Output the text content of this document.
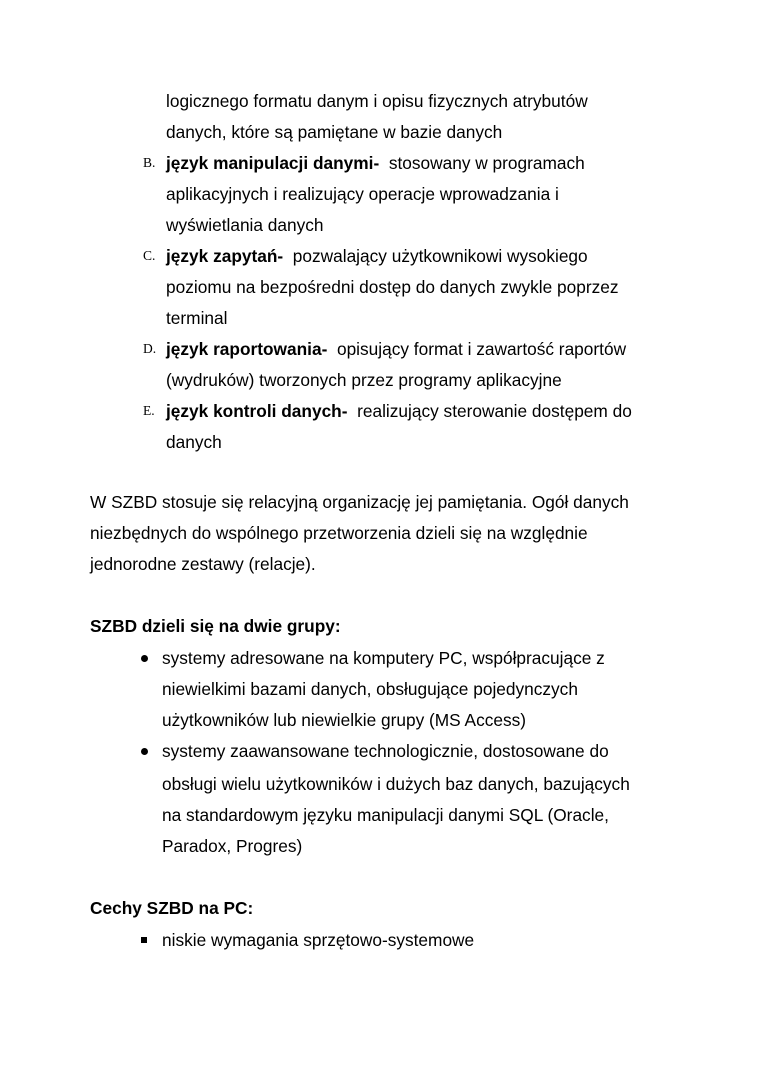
logicznego formatu danym i opisu fizycznych atrybutów
danych, które są pamiętane w bazie danych
B. język manipulacji danymi- stosowany w programach
aplikacyjnych i realizujący operacje wprowadzania i
wyświetlania danych
C. język zapytań- pozwalający użytkownikowi wysokiego
poziomu na bezpośredni dostęp do danych zwykle poprzez
terminal
D. język raportowania- opisujący format i zawartość raportów
(wydruków) tworzonych przez programy aplikacyjne
E. język kontroli danych- realizujący sterowanie dostępem do
danych
W SZBD stosuje się relacyjną organizację jej pamiętania. Ogół danych
niezbędnych do wspólnego przetworzenia dzieli się na względnie
jednorodne zestawy (relacje).
SZBD dzieli się na dwie grupy:
systemy adresowane na komputery PC, współpracujące z
niewielkimi bazami danych, obsługujące pojedynczych
użytkowników lub niewielkie grupy (MS Access)
systemy zaawansowane technologicznie, dostosowane do
obsługi wielu użytkowników i dużych baz danych, bazujących
na standardowym języku manipulacji danymi SQL (Oracle,
Paradox, Progres)
Cechy SZBD na PC:
niskie wymagania sprzętowo-systemowe
